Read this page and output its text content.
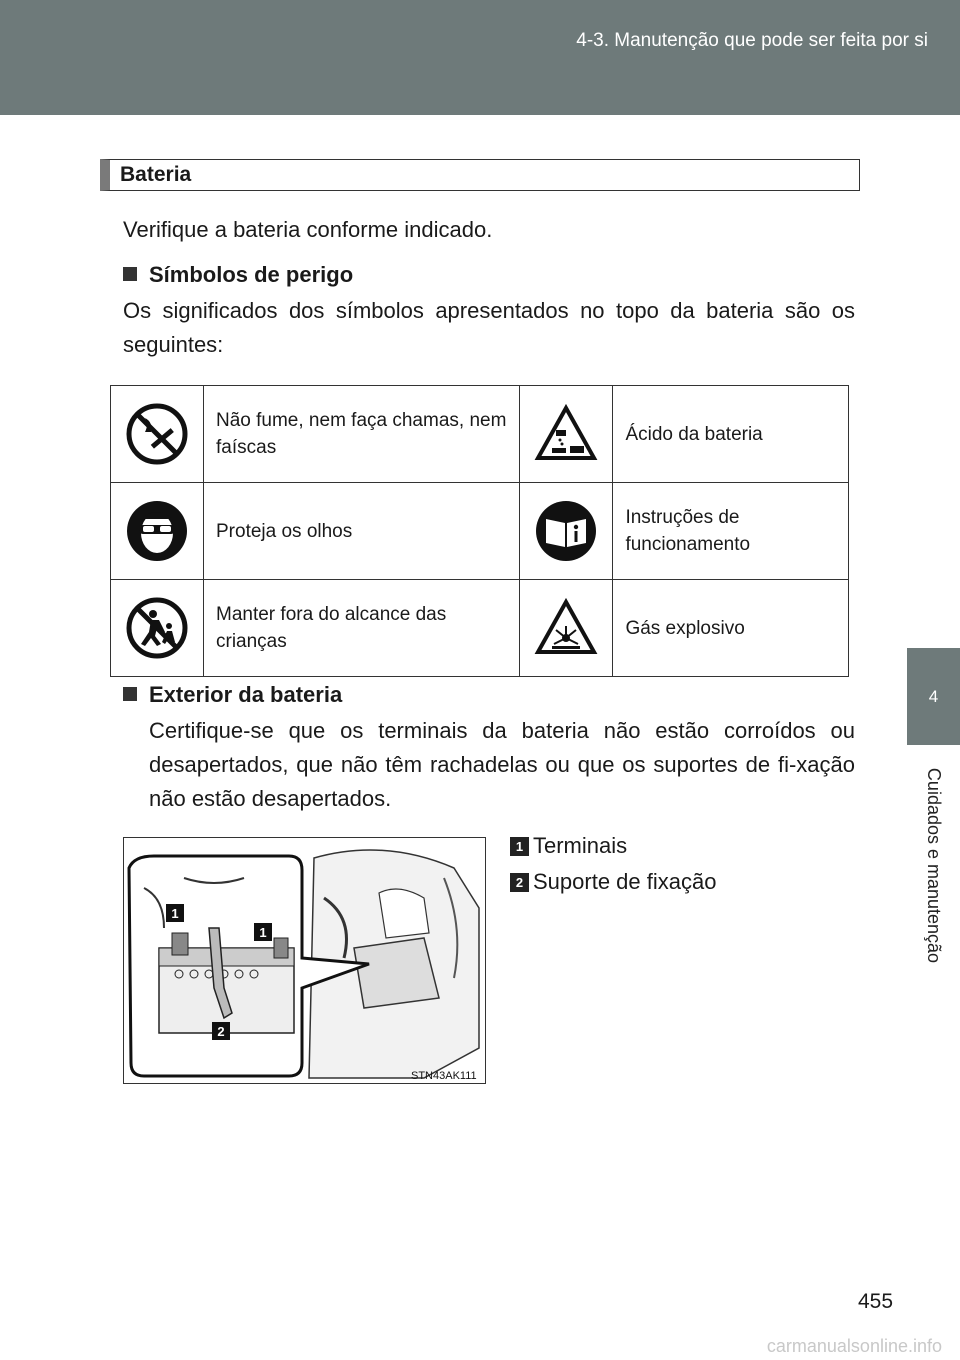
4-3. Manutenção que pode ser feita por si
4
Cuidados e manutenção
Bateria
Verifique a bateria conforme indicado.
Símbolos de perigo
Os significados dos símbolos apresentados no topo da bateria são os seguintes:
	Não fume, nem faça chamas, nem faíscas		Ácido da bateria
	Proteja os olhos		Instruções de funcionamento
	Manter fora do alcance das crianças		Gás explosivo
Exterior da bateria
Certifique-se que os terminais da bateria não estão corroídos ou desapertados, que não têm rachadelas ou que os suportes de fi-xação não estão desapertados.
1
1
2
STN43AK111
1 Terminais
2 Suporte de fixação
455
carmanualsonline.info
